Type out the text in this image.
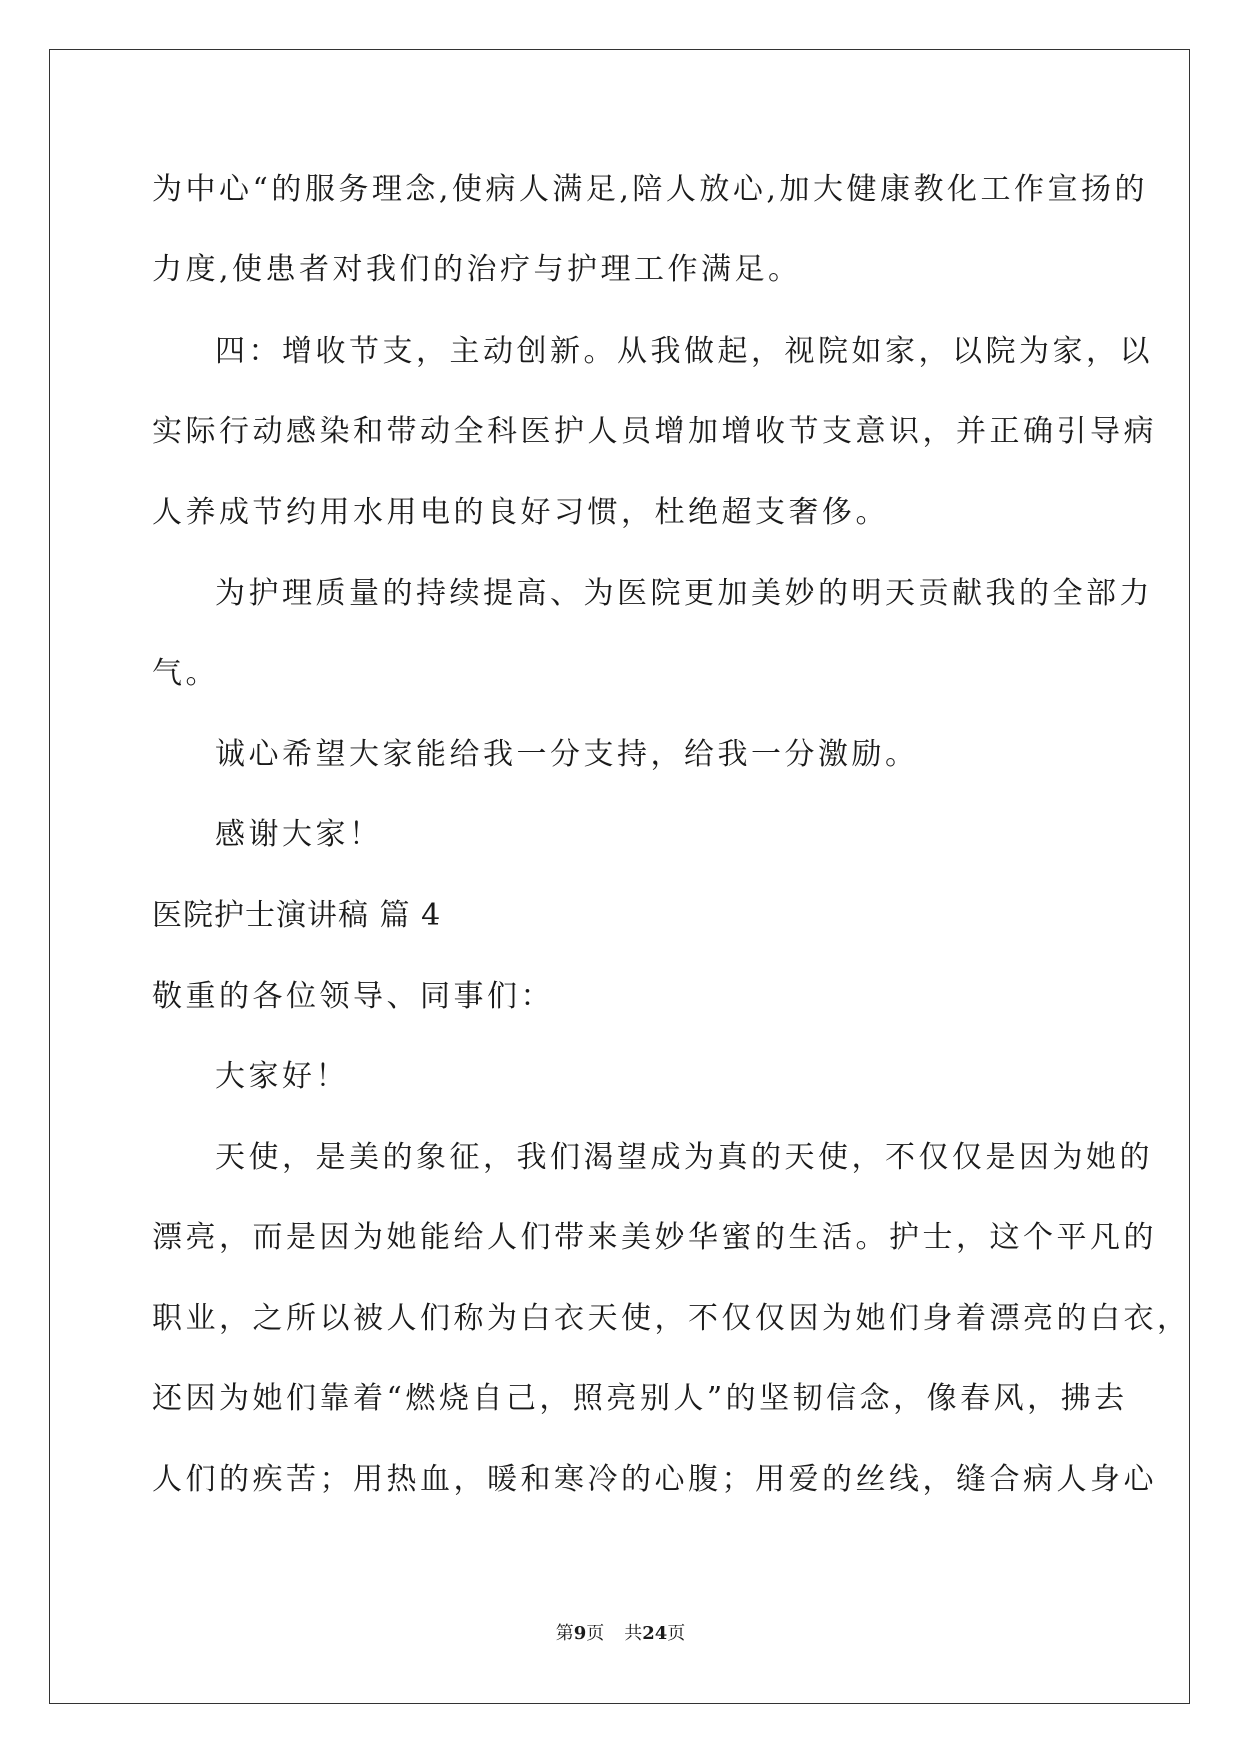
为中心“的服务理念,使病人满足,陪人放心,加大健康教化工作宣扬的
力度,使患者对我们的治疗与护理工作满足。
四：增收节支，主动创新。从我做起，视院如家，以院为家，以
实际行动感染和带动全科医护人员增加增收节支意识，并正确引导病
人养成节约用水用电的良好习惯，杜绝超支奢侈。
为护理质量的持续提高、为医院更加美妙的明天贡献我的全部力
气。
诚心希望大家能给我一分支持，给我一分激励。
感谢大家！
医院护士演讲稿 篇 4
敬重的各位领导、同事们：
大家好！
天使，是美的象征，我们渴望成为真的天使，不仅仅是因为她的
漂亮，而是因为她能给人们带来美妙华蜜的生活。护士，这个平凡的
职业，之所以被人们称为白衣天使，不仅仅因为她们身着漂亮的白衣，
还因为她们靠着“燃烧自己，照亮别人”的坚韧信念，像春风，拂去
人们的疾苦；用热血，暖和寒冷的心腹；用爱的丝线，缝合病人身心
第9页 共24页
